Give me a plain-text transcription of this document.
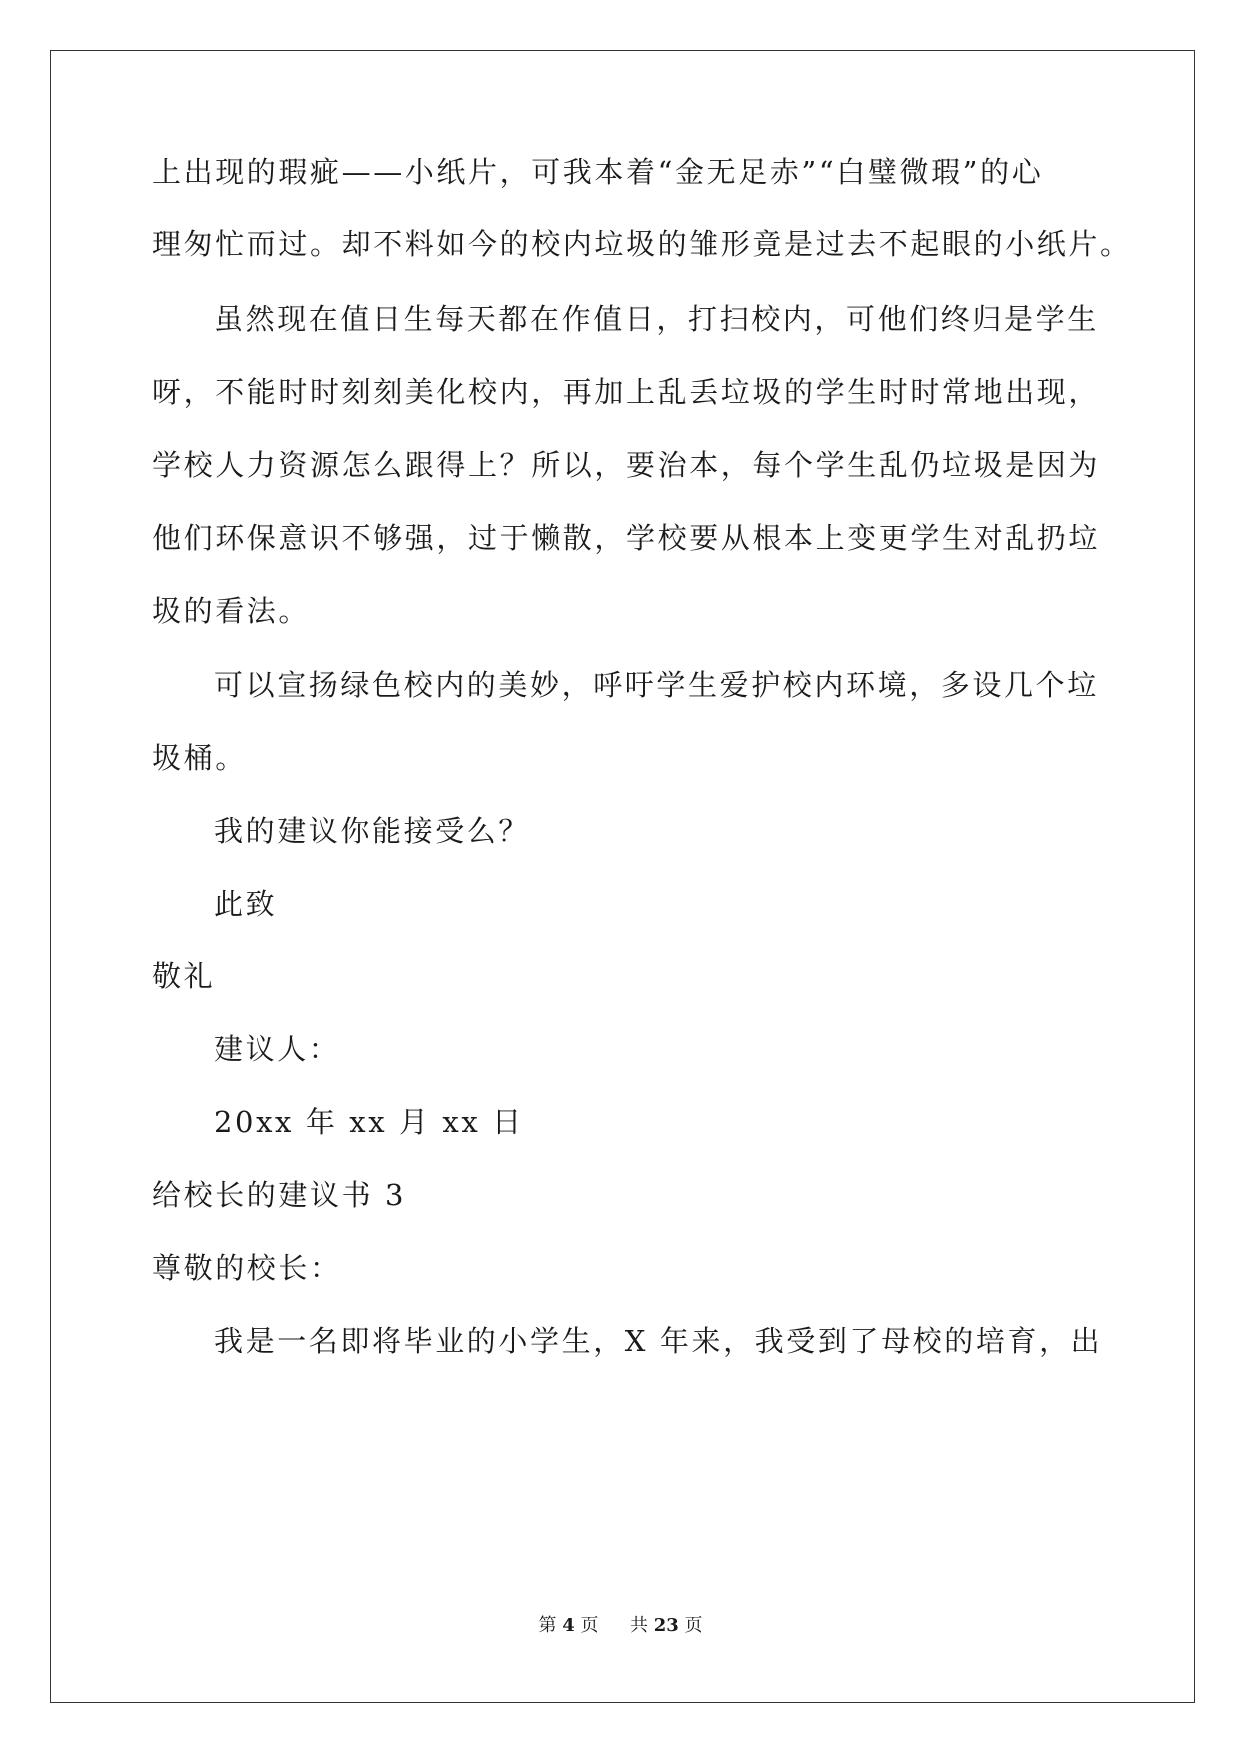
上出现的瑕疵——小纸片，可我本着“金无足赤”“白璧微瑕”的心

理匆忙而过。却不料如今的校内垃圾的雏形竟是过去不起眼的小纸片。

虽然现在值日生每天都在作值日，打扫校内，可他们终归是学生

呀，不能时时刻刻美化校内，再加上乱丢垃圾的学生时时常地出现，

学校人力资源怎么跟得上？所以，要治本，每个学生乱仍垃圾是因为

他们环保意识不够强，过于懒散，学校要从根本上变更学生对乱扔垃

圾的看法。

可以宣扬绿色校内的美妙，呼吁学生爱护校内环境，多设几个垃

圾桶。

我的建议你能接受么？

此致

敬礼

建议人：

20xx 年 xx 月 xx 日

给校长的建议书 3

尊敬的校长：

我是一名即将毕业的小学生，X 年来，我受到了母校的培育，出

第 4 页 共 23 页
